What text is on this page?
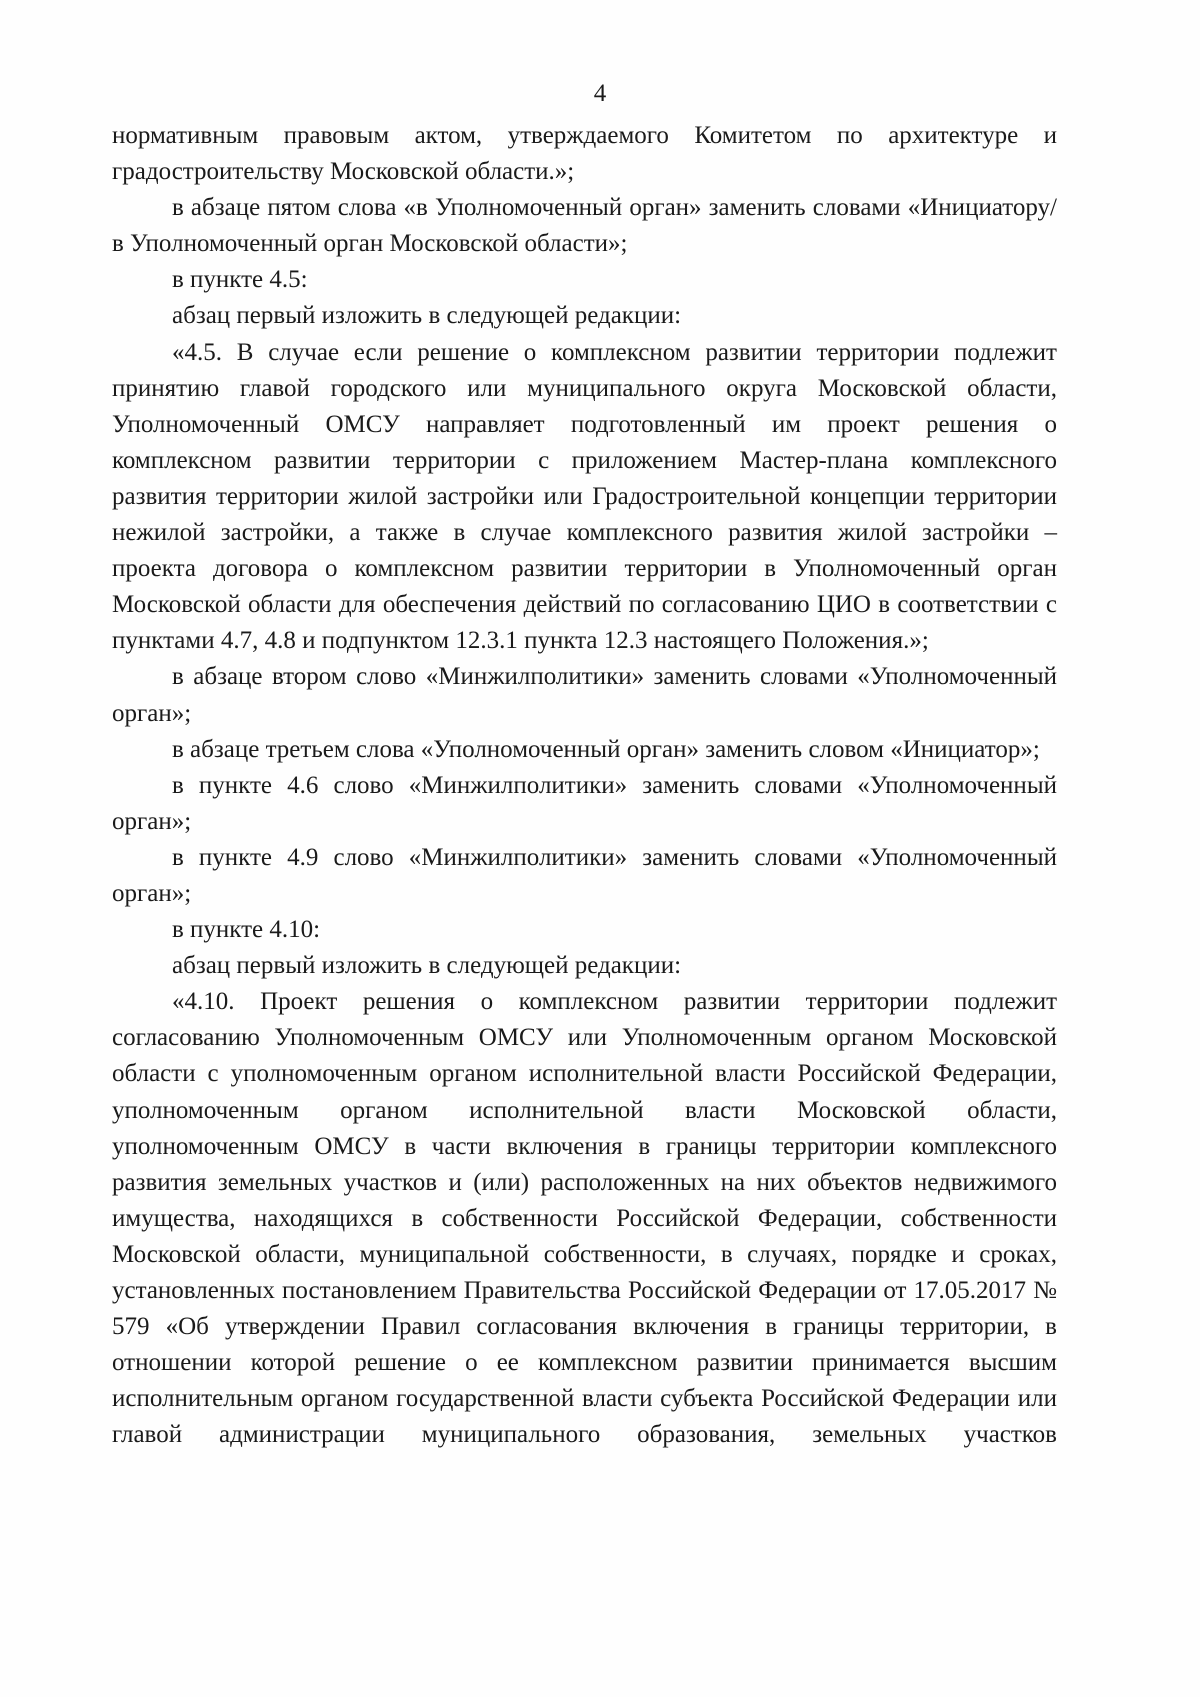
4

нормативным правовым актом, утверждаемого Комитетом по архитектуре и градостроительству Московской области.»;

в абзаце пятом слова «в Уполномоченный орган» заменить словами «Инициатору/в Уполномоченный орган Московской области»;

в пункте 4.5:

абзац первый изложить в следующей редакции:

«4.5. В случае если решение о комплексном развитии территории подлежит принятию главой городского или муниципального округа Московской области, Уполномоченный ОМСУ направляет подготовленный им проект решения о комплексном развитии территории с приложением Мастер-плана комплексного развития территории жилой застройки или Градостроительной концепции территории нежилой застройки, а также в случае комплексного развития жилой застройки – проекта договора о комплексном развитии территории в Уполномоченный орган Московской области для обеспечения действий по согласованию ЦИО в соответствии с пунктами 4.7, 4.8 и подпунктом 12.3.1 пункта 12.3 настоящего Положения.»;

в абзаце втором слово «Минжилполитики» заменить словами «Уполномоченный орган»;

в абзаце третьем слова «Уполномоченный орган» заменить словом «Инициатор»;

в пункте 4.6 слово «Минжилполитики» заменить словами «Уполномоченный орган»;

в пункте 4.9 слово «Минжилполитики» заменить словами «Уполномоченный орган»;

в пункте 4.10:

абзац первый изложить в следующей редакции:

«4.10. Проект решения о комплексном развитии территории подлежит согласованию Уполномоченным ОМСУ или Уполномоченным органом Московской области с уполномоченным органом исполнительной власти Российской Федерации, уполномоченным органом исполнительной власти Московской области, уполномоченным ОМСУ в части включения в границы территории комплексного развития земельных участков и (или) расположенных на них объектов недвижимого имущества, находящихся в собственности Российской Федерации, собственности Московской области, муниципальной собственности, в случаях, порядке и сроках, установленных постановлением Правительства Российской Федерации от 17.05.2017 № 579 «Об утверждении Правил согласования включения в границы территории, в отношении которой решение о ее комплексном развитии принимается высшим исполнительным органом государственной власти субъекта Российской Федерации или главой администрации муниципального образования, земельных участков
